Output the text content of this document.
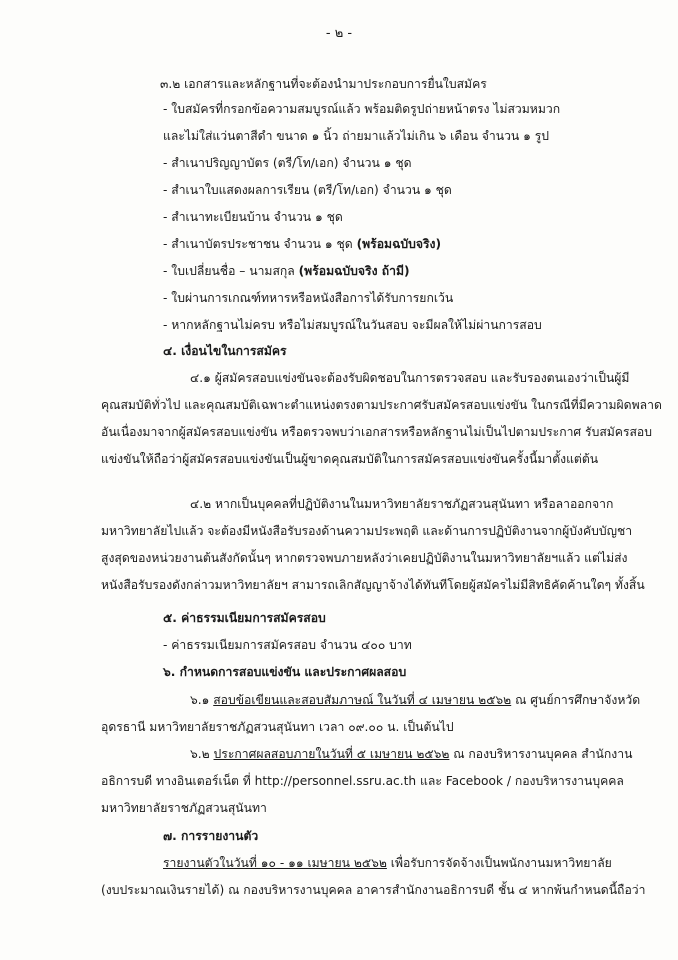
- ๒ -
๓.๒ เอกสารและหลักฐานที่จะต้องนำมาประกอบการยื่นใบสมัคร
- ใบสมัครที่กรอกข้อความสมบูรณ์แล้ว พร้อมติดรูปถ่ายหน้าตรง ไม่สวมหมวก
และไม่ใส่แว่นตาสีดำ ขนาด ๑ นิ้ว ถ่ายมาแล้วไม่เกิน ๖ เดือน จำนวน ๑ รูป
- สำเนาปริญญาบัตร (ตรี/โท/เอก) จำนวน ๑ ชุด
- สำเนาใบแสดงผลการเรียน (ตรี/โท/เอก) จำนวน ๑ ชุด
- สำเนาทะเบียนบ้าน จำนวน ๑ ชุด
- สำเนาบัตรประชาชน จำนวน ๑ ชุด (พร้อมฉบับจริง)
- ใบเปลี่ยนชื่อ – นามสกุล (พร้อมฉบับจริง ถ้ามี)
- ใบผ่านการเกณฑ์ทหารหรือหนังสือการได้รับการยกเว้น
- หากหลักฐานไม่ครบ หรือไม่สมบูรณ์ในวันสอบ จะมีผลให้ไม่ผ่านการสอบ
๔. เงื่อนไขในการสมัคร
๔.๑ ผู้สมัครสอบแข่งขันจะต้องรับผิดชอบในการตรวจสอบ และรับรองตนเองว่าเป็นผู้มี
คุณสมบัติทั่วไป และคุณสมบัติเฉพาะตำแหน่งตรงตามประกาศรับสมัครสอบแข่งขัน ในกรณีที่มีความผิดพลาด
อันเนื่องมาจากผู้สมัครสอบแข่งขัน หรือตรวจพบว่าเอกสารหรือหลักฐานไม่เป็นไปตามประกาศ รับสมัครสอบ
แข่งขันให้ถือว่าผู้สมัครสอบแข่งขันเป็นผู้ขาดคุณสมบัติในการสมัครสอบแข่งขันครั้งนี้มาตั้งแต่ต้น
๔.๒ หากเป็นบุคคลที่ปฏิบัติงานในมหาวิทยาลัยราชภัฏสวนสุนันทา หรือลาออกจาก
มหาวิทยาลัยไปแล้ว จะต้องมีหนังสือรับรองด้านความประพฤติ และด้านการปฏิบัติงานจากผู้บังคับบัญชา
สูงสุดของหน่วยงานต้นสังกัดนั้นๆ หากตรวจพบภายหลังว่าเคยปฏิบัติงานในมหาวิทยาลัยฯแล้ว แต่ไม่ส่ง
หนังสือรับรองดังกล่าวมหาวิทยาลัยฯ สามารถเลิกสัญญาจ้างได้ทันทีโดยผู้สมัครไม่มีสิทธิคัดค้านใดๆ ทั้งสิ้น
๕. ค่าธรรมเนียมการสมัครสอบ
- ค่าธรรมเนียมการสมัครสอบ จำนวน ๔๐๐ บาท
๖. กำหนดการสอบแข่งขัน และประกาศผลสอบ
๖.๑ สอบข้อเขียนและสอบสัมภาษณ์ ในวันที่ ๔ เมษายน ๒๕๖๒ ณ ศูนย์การศึกษาจังหวัด
อุดรธานี มหาวิทยาลัยราชภัฏสวนสุนันทา เวลา ๐๙.๐๐ น. เป็นต้นไป
๖.๒ ประกาศผลสอบภายในวันที่ ๕ เมษายน ๒๕๖๒ ณ กองบริหารงานบุคคล สำนักงาน
อธิการบดี ทางอินเตอร์เน็ต ที่ http://personnel.ssru.ac.th และ Facebook / กองบริหารงานบุคคล
มหาวิทยาลัยราชภัฏสวนสุนันทา
๗. การรายงานตัว
รายงานตัวในวันที่ ๑๐ - ๑๑ เมษายน ๒๕๖๒ เพื่อรับการจัดจ้างเป็นพนักงานมหาวิทยาลัย
(งบประมาณเงินรายได้) ณ กองบริหารงานบุคคล อาคารสำนักงานอธิการบดี ชั้น ๔ หากพ้นกำหนดนี้ถือว่า
